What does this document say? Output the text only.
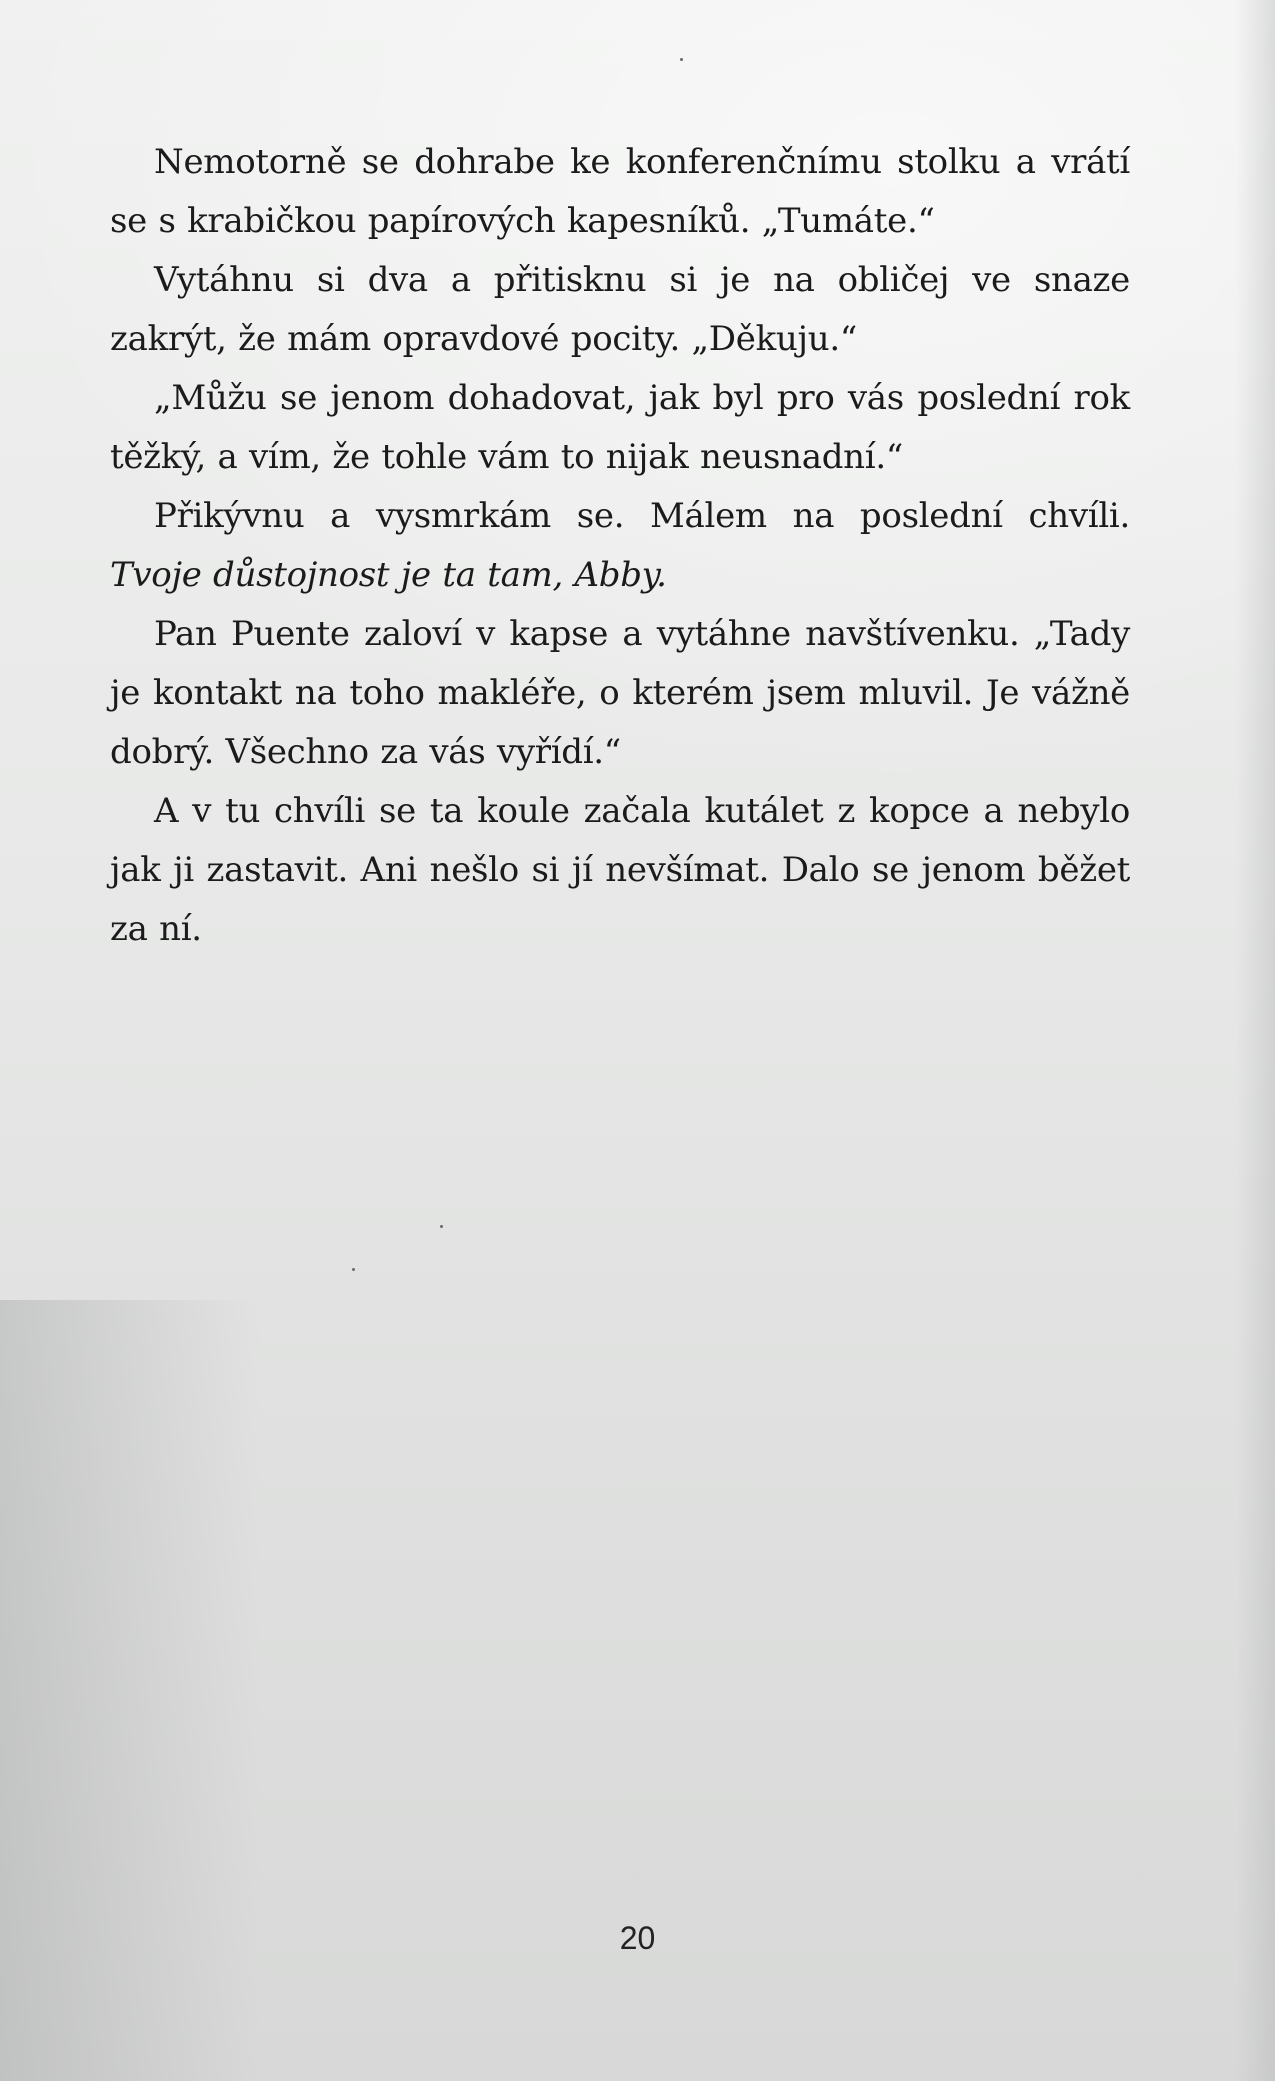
Nemotorně se dohrabe ke konferenčnímu stolku a vrátí se s krabičkou papírových kapesníků. „Tumáte.“

Vytáhnu si dva a přitisknu si je na obličej ve snaze zakrýt, že mám opravdové pocity. „Děkuju.“

„Můžu se jenom dohadovat, jak byl pro vás poslední rok těžký, a vím, že tohle vám to nijak neusnadní.“

Přikývnu a vysmrkám se. Málem na poslední chvíli. Tvoje důstojnost je ta tam, Abby.

Pan Puente zaloví v kapse a vytáhne navštívenku. „Tady je kontakt na toho makléře, o kterém jsem mluvil. Je vážně dobrý. Všechno za vás vyřídí.“

A v tu chvíli se ta koule začala kutálet z kopce a nebylo jak ji zastavit. Ani nešlo si jí nevšímat. Dalo se jenom běžet za ní.

20
